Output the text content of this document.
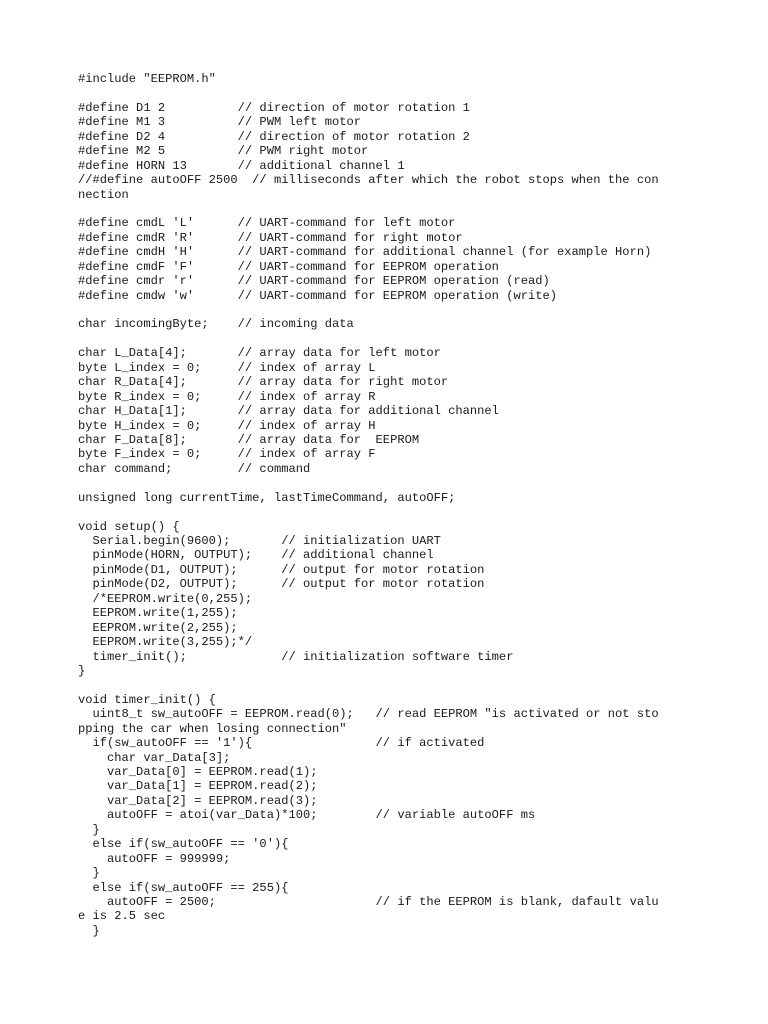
#include "EEPROM.h"
#define D1 2          // direction of motor rotation 1
#define M1 3          // PWM left motor
#define D2 4          // direction of motor rotation 2
#define M2 5          // PWM right motor
#define HORN 13       // additional channel 1
//#define autoOFF 2500  // milliseconds after which the robot stops when the con
nection
#define cmdL 'L'      // UART-command for left motor
#define cmdR 'R'      // UART-command for right motor
#define cmdH 'H'      // UART-command for additional channel (for example Horn)
#define cmdF 'F'      // UART-command for EEPROM operation
#define cmdr 'r'      // UART-command for EEPROM operation (read)
#define cmdw 'w'      // UART-command for EEPROM operation (write)
char incomingByte;    // incoming data
char L_Data[4];       // array data for left motor
byte L_index = 0;     // index of array L
char R_Data[4];       // array data for right motor
byte R_index = 0;     // index of array R
char H_Data[1];       // array data for additional channel
byte H_index = 0;     // index of array H
char F_Data[8];       // array data for  EEPROM
byte F_index = 0;     // index of array F
char command;         // command
unsigned long currentTime, lastTimeCommand, autoOFF;
void setup() {
Serial.begin(9600);       // initialization UART
pinMode(HORN, OUTPUT);    // additional channel
pinMode(D1, OUTPUT);      // output for motor rotation
pinMode(D2, OUTPUT);      // output for motor rotation
/*EEPROM.write(0,255);
EEPROM.write(1,255);
EEPROM.write(2,255);
EEPROM.write(3,255);*/
timer_init();             // initialization software timer
}
void timer_init() {
uint8_t sw_autoOFF = EEPROM.read(0);   // read EEPROM "is activated or not sto
pping the car when losing connection"
if(sw_autoOFF == '1'){                 // if activated
char var_Data[3];
var_Data[0] = EEPROM.read(1);
var_Data[1] = EEPROM.read(2);
var_Data[2] = EEPROM.read(3);
autoOFF = atoi(var_Data)*100;        // variable autoOFF ms
}
else if(sw_autoOFF == '0'){
autoOFF = 999999;
}
else if(sw_autoOFF == 255){
autoOFF = 2500;                      // if the EEPROM is blank, dafault valu
e is 2.5 sec
}
